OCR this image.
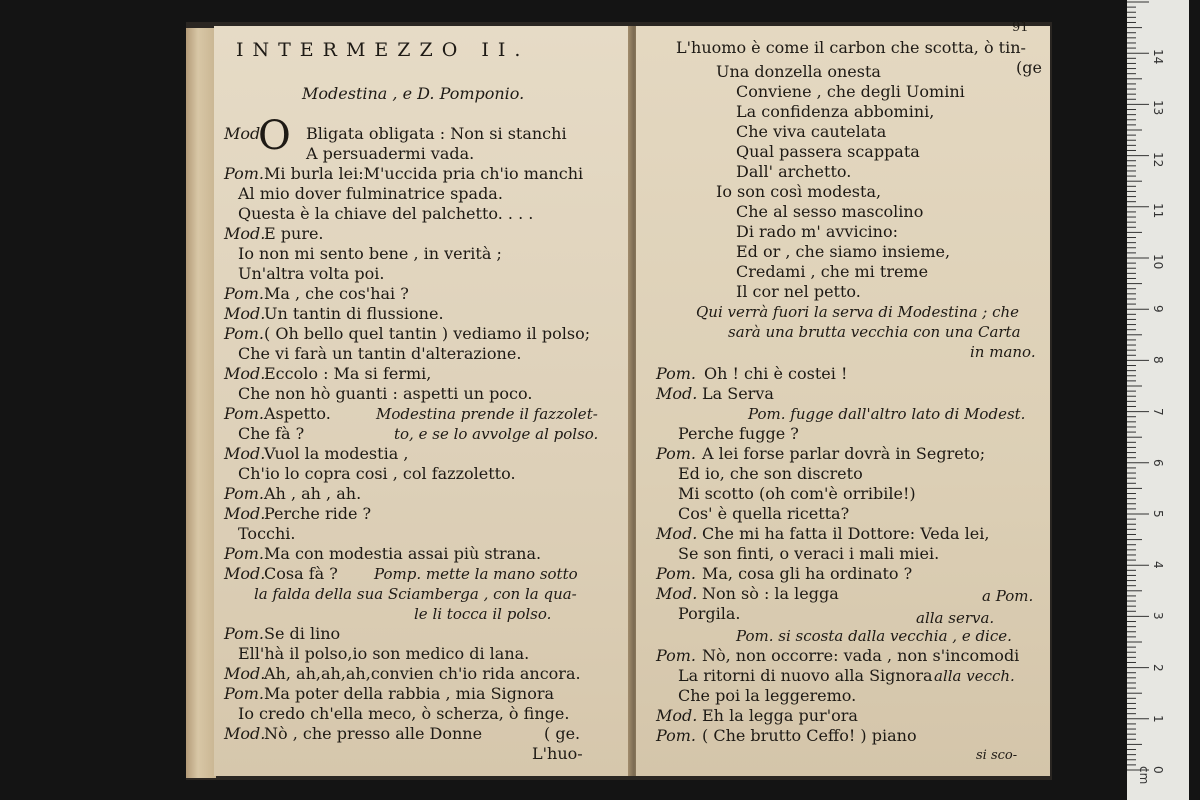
INTERMEZZO II.
Modestina , e D. Pomponio.
Mod.
O Bligata obligata : Non si stanchi
A persuadermi vada.
Pom. Mi burla lei:M'uccida pria ch'io manchi
Al mio dover fulminatrice spada.
Questa è la chiave del palchetto. . . .
Mod.
E pure.
Io non mi sento bene , in verità ;
Un'altra volta poi.
Pom. Ma , che cos'hai ?
Mod.
Un tantin di flussione.
Pom. ( Oh bello quel tantin ) vediamo il polso;
Che vi farà un tantin d'alterazione.
Mod.
Eccolo : Ma si fermi,
Che non hò guanti : aspetti un poco.
Pom. Aspetto.	Modestina prende il fazzolet-
Che fà ?	to, e se lo avvolge al polso.
Mod.
Vuol la modestia ,
Ch'io lo copra cosi , col fazzoletto.
Pom. Ah , ah , ah.
Mod.
Perche ride ?
Tocchi.
Pom. Ma con modestia assai più strana.
Mod.
Cosa fà ? Pomp. mette la mano sotto
la falda della sua Sciamberga , con la qua-
le li tocca il polso.
Pom. Se di lino
Ell'hà il polso,io son medico di lana.
Mod.
Ah, ah,ah,ah,convien ch'io rida ancora.
Pom. Ma poter della rabbia , mia Signora
Io credo ch'ella meco, ò scherza, ò finge.
Mod.
Nò , che presso alle Donne	( ge.
L'huo-
91
L'huomo è come il carbon che scotta, ò tin-
(ge
Una donzella onesta
Conviene , che degli Uomini
La confidenza abbomini,
Che viva cautelata
Qual passera scappata
Dall' archetto.
Io son così modesta,
Che al sesso mascolino
Di rado m' avvicino:
Ed or , che siamo insieme,
Credami , che mi treme
Il cor nel petto.
Qui verrà fuori la serva di Modestina ; che
sarà una brutta vecchia con una Carta
in mano.
Pom. Oh ! chi è costei !
Mod. La Serva
Pom. fugge dall'altro lato di Modest.
Perche fugge ?
Pom. A lei forse parlar dovrà in Segreto;
Ed io, che son discreto
Mi scotto (oh com'è orribile!)
Cos' è quella ricetta?
Mod. Che mi ha fatta il Dottore: Veda lei,
Se son finti, o veraci i mali miei.
Pom. Ma, cosa gli ha ordinato ?
Mod. Non sò : la legga	a Pom.
Porgila.	alla serva.
Pom. si scosta dalla vecchia , e dice.
Pom. Nò, non occorre: vada , non s'incomodi
La ritorni di nuovo alla Signora alla vecch.
Che poi la leggeremo.
Mod. Eh la legga pur'ora
Pom. ( Che brutto Ceffo! ) piano
si sco-
14
13
12
11
10
9
8
7
6
5
4
3
2
1
0 cm
